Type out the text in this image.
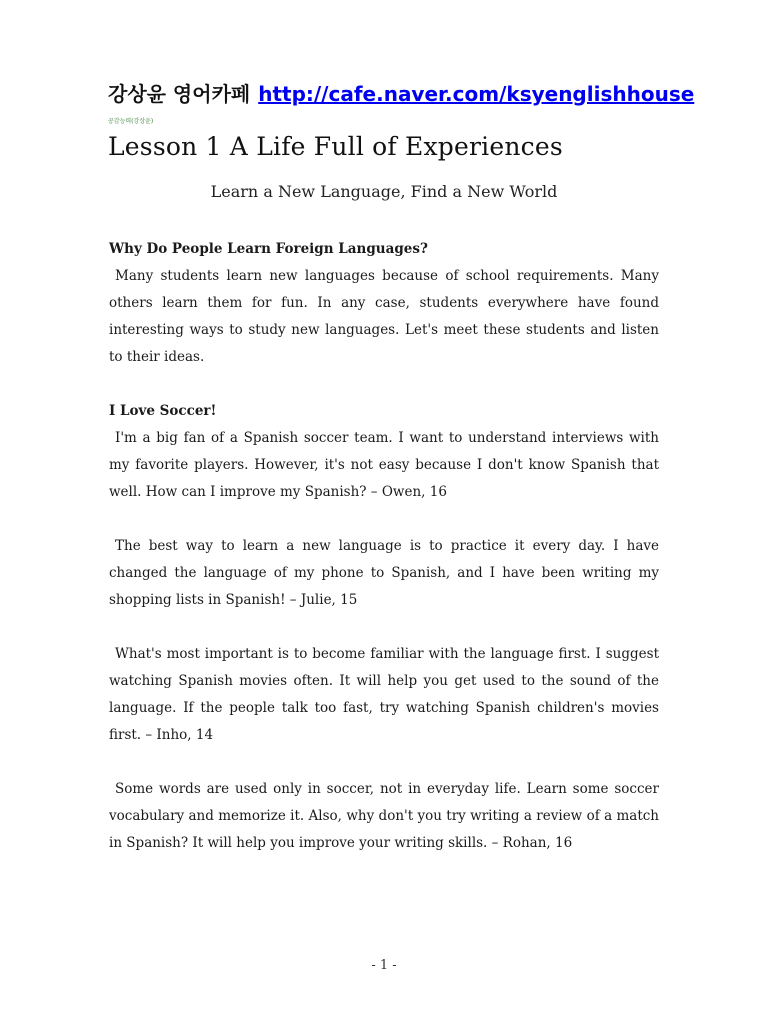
강상윤 영어카페 http://cafe.naver.com/ksyenglishhouse
공감능력(강상윤)
Lesson 1 A Life Full of Experiences
Learn a New Language, Find a New World
Why Do People Learn Foreign Languages?

Many students learn new languages because of school requirements. Many others learn them for fun. In any case, students everywhere have found interesting ways to study new languages. Let's meet these students and listen to their ideas.

I Love Soccer!

I'm a big fan of a Spanish soccer team. I want to understand interviews with my favorite players. However, it's not easy because I don't know Spanish that well. How can I improve my Spanish? – Owen, 16

The best way to learn a new language is to practice it every day. I have changed the language of my phone to Spanish, and I have been writing my shopping lists in Spanish! – Julie, 15

What's most important is to become familiar with the language first. I suggest watching Spanish movies often. It will help you get used to the sound of the language. If the people talk too fast, try watching Spanish children's movies first. – Inho, 14

Some words are used only in soccer, not in everyday life. Learn some soccer vocabulary and memorize it. Also, why don't you try writing a review of a match in Spanish? It will help you improve your writing skills. – Rohan, 16

- 1 -
